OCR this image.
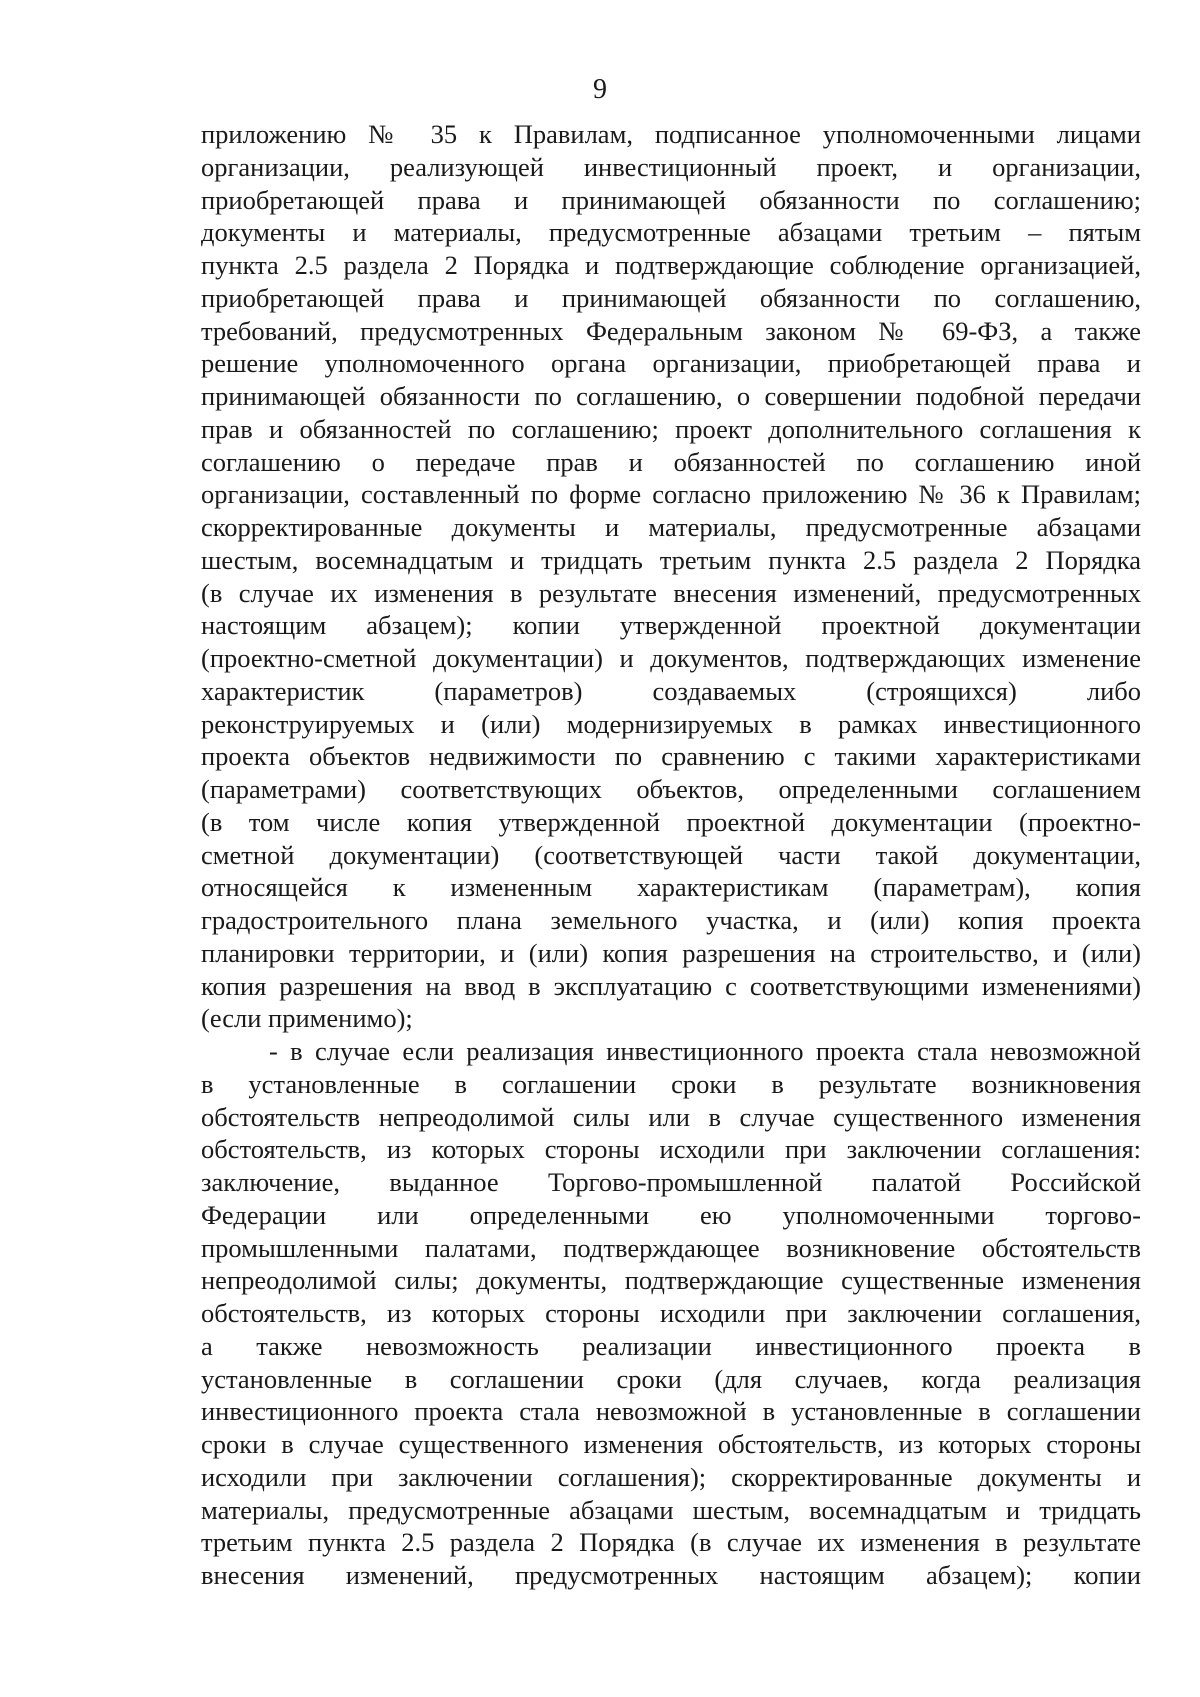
9
приложению № 35 к Правилам, подписанное уполномоченными лицами
организации, реализующей инвестиционный проект, и организации,
приобретающей права и принимающей обязанности по соглашению;
документы и материалы, предусмотренные абзацами третьим – пятым
пункта 2.5 раздела 2 Порядка и подтверждающие соблюдение организацией,
приобретающей права и принимающей обязанности по соглашению,
требований, предусмотренных Федеральным законом № 69-ФЗ, а также
решение уполномоченного органа организации, приобретающей права и
принимающей обязанности по соглашению, о совершении подобной передачи
прав и обязанностей по соглашению; проект дополнительного соглашения к
соглашению о передаче прав и обязанностей по соглашению иной
организации, составленный по форме согласно приложению № 36 к Правилам;
скорректированные документы и материалы, предусмотренные абзацами
шестым, восемнадцатым и тридцать третьим пункта 2.5 раздела 2 Порядка
(в случае их изменения в результате внесения изменений, предусмотренных
настоящим абзацем); копии утвержденной проектной документации
(проектно-сметной документации) и документов, подтверждающих изменение
характеристик (параметров) создаваемых (строящихся) либо
реконструируемых и (или) модернизируемых в рамках инвестиционного
проекта объектов недвижимости по сравнению с такими характеристиками
(параметрами) соответствующих объектов, определенными соглашением
(в том числе копия утвержденной проектной документации (проектно-
сметной документации) (соответствующей части такой документации,
относящейся к измененным характеристикам (параметрам), копия
градостроительного плана земельного участка, и (или) копия проекта
планировки территории, и (или) копия разрешения на строительство, и (или)
копия разрешения на ввод в эксплуатацию с соответствующими изменениями)
(если применимо);
- в случае если реализация инвестиционного проекта стала невозможной
в установленные в соглашении сроки в результате возникновения
обстоятельств непреодолимой силы или в случае существенного изменения
обстоятельств, из которых стороны исходили при заключении соглашения:
заключение, выданное Торгово-промышленной палатой Российской
Федерации или определенными ею уполномоченными торгово-
промышленными палатами, подтверждающее возникновение обстоятельств
непреодолимой силы; документы, подтверждающие существенные изменения
обстоятельств, из которых стороны исходили при заключении соглашения,
а также невозможность реализации инвестиционного проекта в
установленные в соглашении сроки (для случаев, когда реализация
инвестиционного проекта стала невозможной в установленные в соглашении
сроки в случае существенного изменения обстоятельств, из которых стороны
исходили при заключении соглашения); скорректированные документы и
материалы, предусмотренные абзацами шестым, восемнадцатым и тридцать
третьим пункта 2.5 раздела 2 Порядка (в случае их изменения в результате
внесения изменений, предусмотренных настоящим абзацем); копии
